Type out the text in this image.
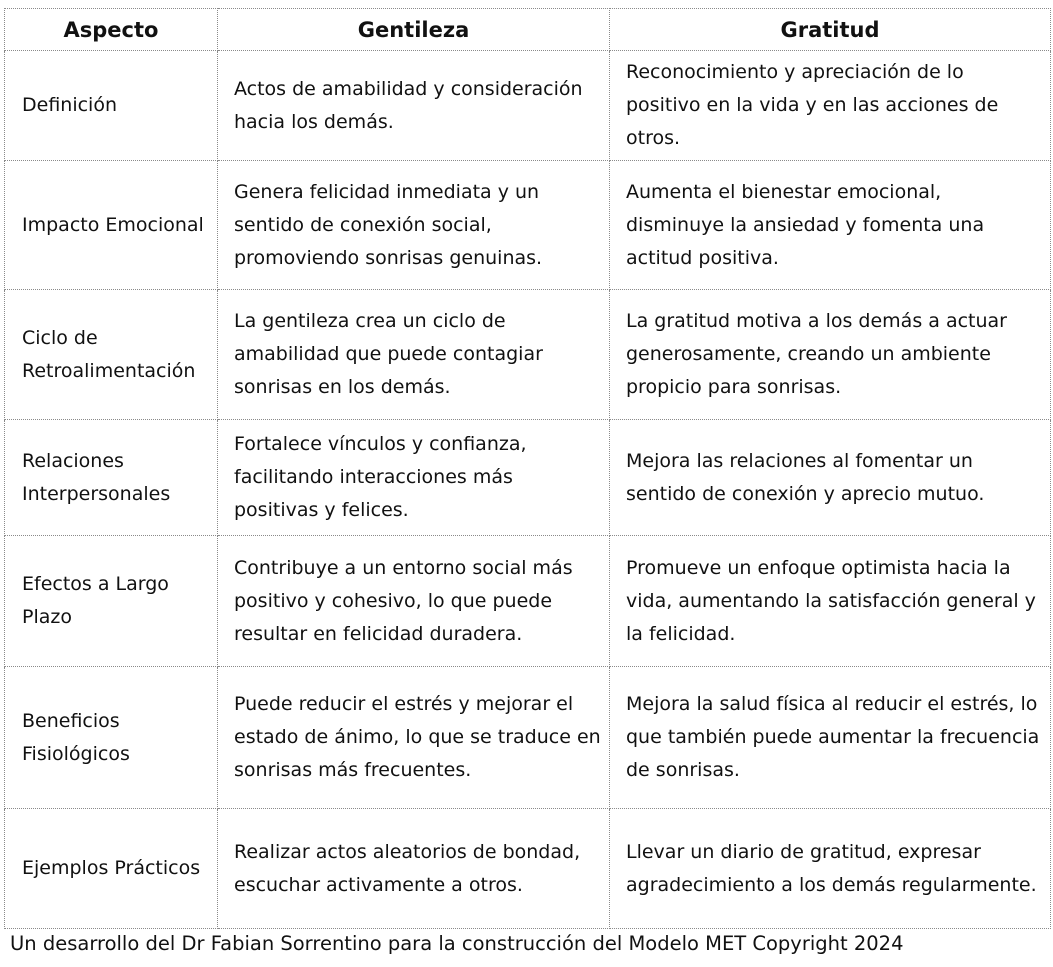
Aspecto	Gentileza	Gratitud
Definición	Actos de amabilidad y consideración hacia los demás.	Reconocimiento y apreciación de lo positivo en la vida y en las acciones de otros.
Impacto Emocional	Genera felicidad inmediata y un sentido de conexión social, promoviendo sonrisas genuinas.	Aumenta el bienestar emocional, disminuye la ansiedad y fomenta una actitud positiva.
Ciclo de Retroalimentación	La gentileza crea un ciclo de amabilidad que puede contagiar sonrisas en los demás.	La gratitud motiva a los demás a actuar generosamente, creando un ambiente propicio para sonrisas.
Relaciones Interpersonales	Fortalece vínculos y confianza, facilitando interacciones más positivas y felices.	Mejora las relaciones al fomentar un sentido de conexión y aprecio mutuo.
Efectos a Largo Plazo	Contribuye a un entorno social más positivo y cohesivo, lo que puede resultar en felicidad duradera.	Promueve un enfoque optimista hacia la vida, aumentando la satisfacción general y la felicidad.
Beneficios Fisiológicos	Puede reducir el estrés y mejorar el estado de ánimo, lo que se traduce en sonrisas más frecuentes.	Mejora la salud física al reducir el estrés, lo que también puede aumentar la frecuencia de sonrisas.
Ejemplos Prácticos	Realizar actos aleatorios de bondad, escuchar activamente a otros.	Llevar un diario de gratitud, expresar agradecimiento a los demás regularmente.
Un desarrollo del Dr Fabian Sorrentino para la construcción del Modelo MET Copyright 2024
